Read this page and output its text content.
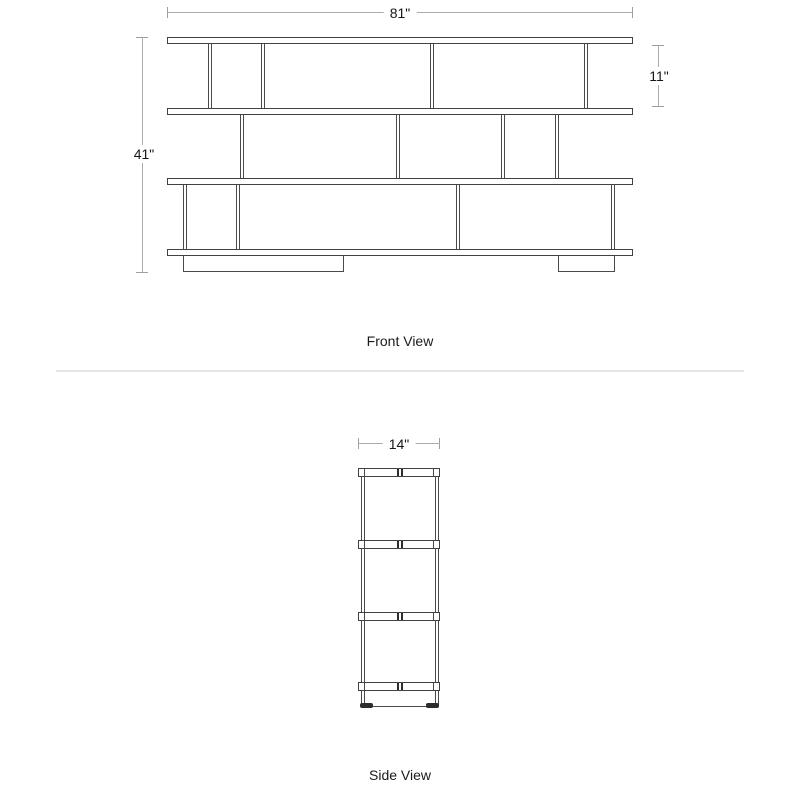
81"
41"
11"
Front View
14"
Side View
